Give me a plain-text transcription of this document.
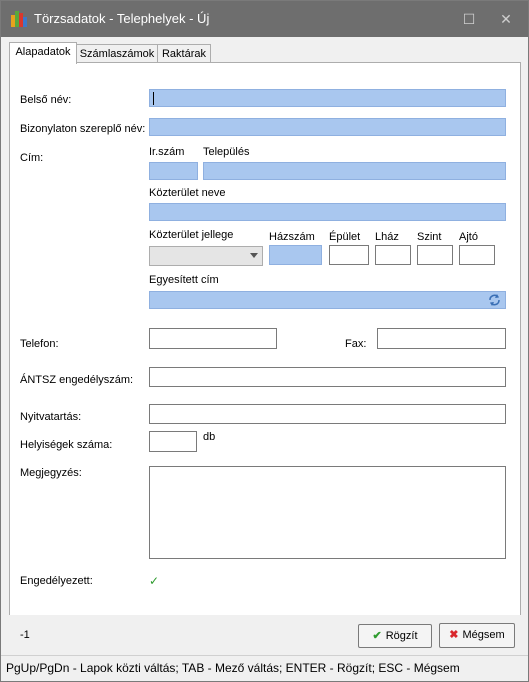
Törzsadatok - Telephelyek - Új	☐	✕
Alapadatok Számlaszámok Raktárak
Belső név:
Bizonylaton szereplő név:
Cím:	Ir.szám Település
Közterület neve
Közterület jellege	Házszám Épület Lház Szint Ajtó
Egyesített cím
Telefon:	Fax:
ÁNTSZ engedélyszám:
Nyitvatartás:
Helyiségek száma:
db
Megjegyzés:
Engedélyezett:	✓
-1	✔ Rögzít	✖ Mégsem
PgUp/PgDn - Lapok közti váltás; TAB - Mező váltás; ENTER - Rögzít; ESC - Mégsem
